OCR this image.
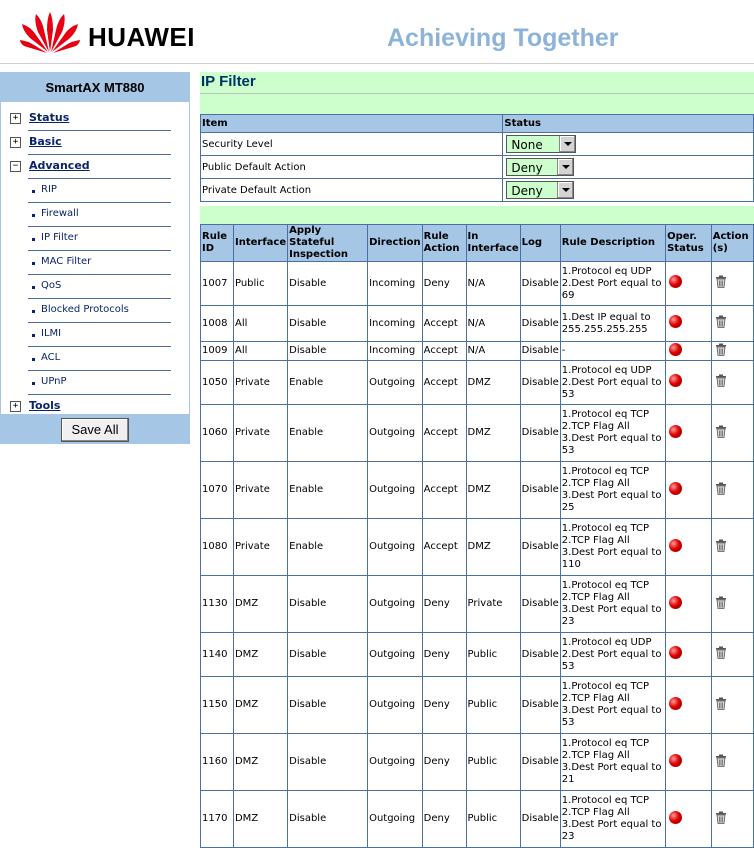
HUAWEI	Achieving Together
SmartAX MT880
+ Status
+ Basic
− Advanced
RIP
Firewall
IP Filter
MAC Filter
QoS
Blocked Protocols
ILMI
ACL
UPnP
+ Tools
Save All
IP Filter
Item	Status
Security Level	None

Public Default Action	Deny

Private Default Action	Deny
Rule ID	Interface	Apply Stateful Inspection	Direction	Rule Action	In Interface	Log	Rule Description	Oper. Status	Action (s)
1007	Public	Disable	Incoming	Deny	N/A	Disable	1.Protocol eq UDP
2.Dest Port equal to
69

1008	All	Disable	Incoming	Accept	N/A	Disable	1.Dest IP equal to
255.255.255.255

1009	All	Disable	Incoming	Accept	N/A	Disable	-

1050	Private	Enable	Outgoing	Accept	DMZ	Disable	1.Protocol eq UDP
2.Dest Port equal to
53

1060	Private	Enable	Outgoing	Accept	DMZ	Disable	1.Protocol eq TCP
2.TCP Flag All
3.Dest Port equal to
53

1070	Private	Enable	Outgoing	Accept	DMZ	Disable	1.Protocol eq TCP
2.TCP Flag All
3.Dest Port equal to
25

1080	Private	Enable	Outgoing	Accept	DMZ	Disable	1.Protocol eq TCP
2.TCP Flag All
3.Dest Port equal to
110

1130	DMZ	Disable	Outgoing	Deny	Private	Disable	1.Protocol eq TCP
2.TCP Flag All
3.Dest Port equal to
23

1140	DMZ	Disable	Outgoing	Deny	Public	Disable	1.Protocol eq UDP
2.Dest Port equal to
53

1150	DMZ	Disable	Outgoing	Deny	Public	Disable	1.Protocol eq TCP
2.TCP Flag All
3.Dest Port equal to
53

1160	DMZ	Disable	Outgoing	Deny	Public	Disable	1.Protocol eq TCP
2.TCP Flag All
3.Dest Port equal to
21

1170	DMZ	Disable	Outgoing	Deny	Public	Disable	1.Protocol eq TCP
2.TCP Flag All
3.Dest Port equal to
23
